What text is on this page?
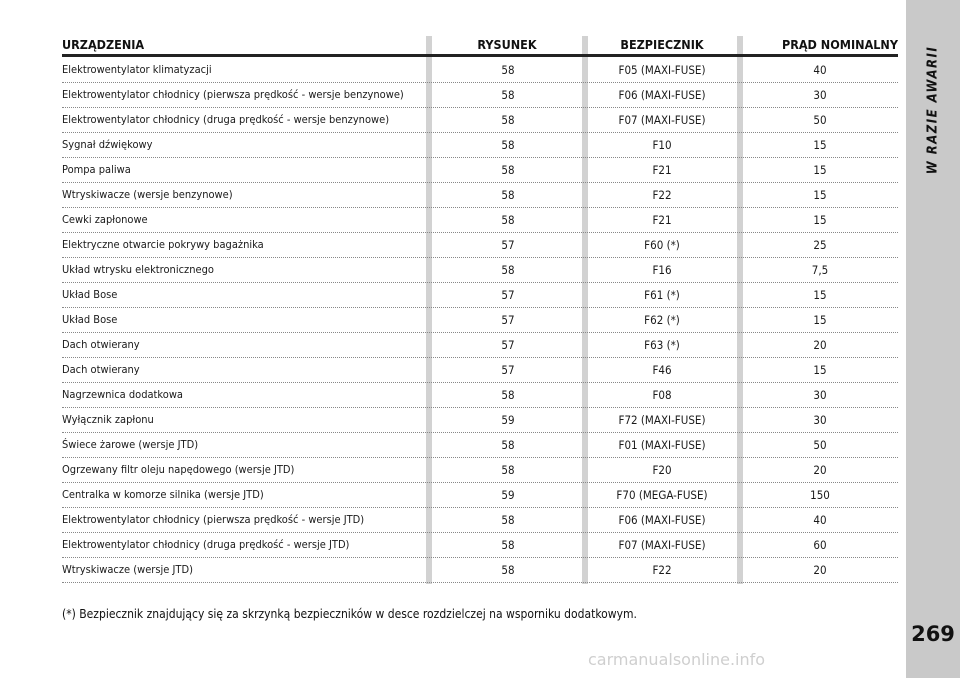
W RAZIE AWARII
269
URZĄDZENIA	RYSUNEK	BEZPIECZNIK	PRĄD NOMINALNY
Elektrowentylator klimatyzacji	58	F05 (MAXI-FUSE)	40
Elektrowentylator chłodnicy (pierwsza prędkość - wersje benzynowe)	58	F06 (MAXI-FUSE)	30
Elektrowentylator chłodnicy (druga prędkość - wersje benzynowe)	58	F07 (MAXI-FUSE)	50
Sygnał dźwiękowy	58	F10	15
Pompa paliwa	58	F21	15
Wtryskiwacze (wersje benzynowe)	58	F22	15
Cewki zapłonowe	58	F21	15
Elektryczne otwarcie pokrywy bagażnika	57	F60 (*)	25
Układ wtrysku elektronicznego	58	F16	7,5
Układ Bose	57	F61 (*)	15
Układ Bose	57	F62 (*)	15
Dach otwierany	57	F63 (*)	20
Dach otwierany	57	F46	15
Nagrzewnica dodatkowa	58	F08	30
Wyłącznik zapłonu	59	F72 (MAXI-FUSE)	30
Świece żarowe (wersje JTD)	58	F01 (MAXI-FUSE)	50
Ogrzewany filtr oleju napędowego (wersje JTD)	58	F20	20
Centralka w komorze silnika (wersje JTD)	59	F70 (MEGA-FUSE)	150
Elektrowentylator chłodnicy (pierwsza prędkość - wersje JTD)	58	F06 (MAXI-FUSE)	40
Elektrowentylator chłodnicy (druga prędkość - wersje JTD)	58	F07 (MAXI-FUSE)	60
Wtryskiwacze (wersje JTD)	58	F22	20
(*) Bezpiecznik znajdujący się za skrzynką bezpieczników w desce rozdzielczej na wsporniku dodatkowym.
carmanualsonline.info
